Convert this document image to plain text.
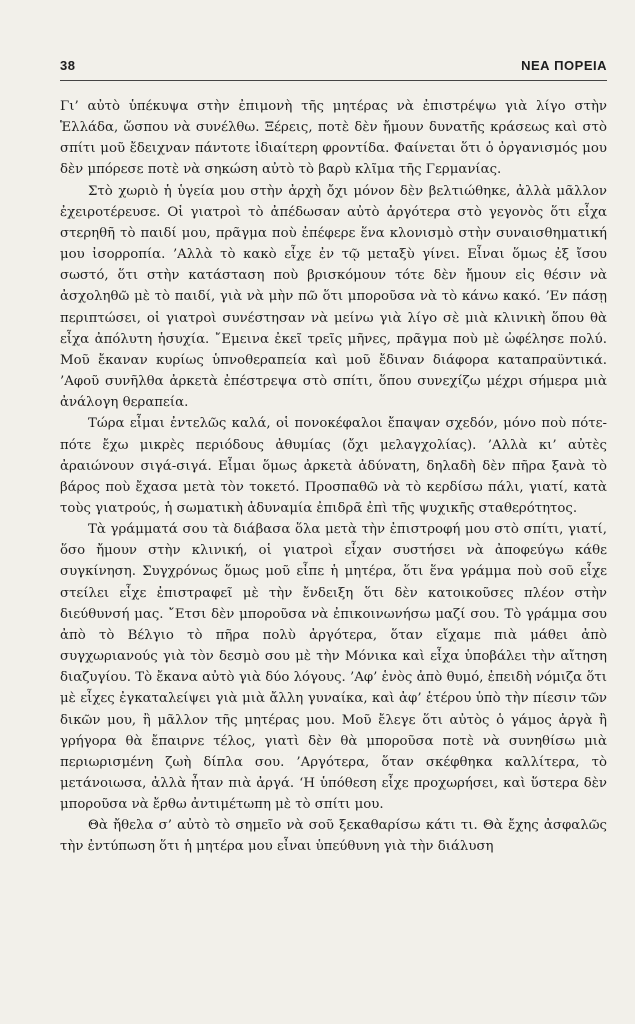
38	ΝΕΑ ΠΟΡΕΙΑ

Γι’ αὐτὸ ὑπέκυψα στὴν ἐπιμονὴ τῆς μητέρας νὰ ἐπιστρέψω γιὰ λίγο στὴν Ἑλλάδα, ὥσπου νὰ συνέλθω. Ξέρεις, ποτὲ δὲν ἤμουν δυνατῆς κράσεως καὶ στὸ σπίτι μοῦ ἔδειχναν πάντοτε ἰδιαίτερη φροντίδα. Φαίνεται ὅτι ὁ ὀργανισμός μου δὲν μπόρεσε ποτὲ νὰ σηκώση αὐτὸ τὸ βαρὺ κλῖμα τῆς Γερμανίας.

Στὸ χωριὸ ἡ ὑγεία μου στὴν ἀρχὴ ὄχι μόνον δὲν βελτιώθηκε, ἀλλὰ μᾶλλον ἐχειροτέρευσε. Οἱ γιατροὶ τὸ ἀπέδωσαν αὐτὸ ἀργότερα στὸ γεγονὸς ὅτι εἶχα στερηθῆ τὸ παιδί μου, πρᾶγμα ποὺ ἐπέφερε ἕνα κλονισμὸ στὴν συναισθηματική μου ἰσορροπία. ’Αλλὰ τὸ κακὸ εἶχε ἐν τῷ μεταξὺ γίνει. Εἶναι ὅμως ἐξ ἴσου σωστό, ὅτι στὴν κατάσταση ποὺ βρισκόμουν τότε δὲν ἤμουν εἰς θέσιν νὰ ἀσχοληθῶ μὲ τὸ παιδί, γιὰ νὰ μὴν πῶ ὅτι μποροῦσα νὰ τὸ κάνω κακό. ’Εν πάσῃ περιπτώσει, οἱ γιατροὶ συνέστησαν νὰ μείνω γιὰ λίγο σὲ μιὰ κλινικὴ ὅπου θὰ εἶχα ἀπόλυτη ἡσυχία. ῎Εμεινα ἐκεῖ τρεῖς μῆνες, πρᾶγμα ποὺ μὲ ὠφέλησε πολύ. Μοῦ ἔκαναν κυρίως ὑπνοθεραπεία καὶ μοῦ ἔδιναν διάφορα καταπραϋντικά. ’Αφοῦ συνῆλθα ἀρκετὰ ἐπέστρεψα στὸ σπίτι, ὅπου συνεχίζω μέχρι σήμερα μιὰ ἀνάλογη θεραπεία.

Τώρα εἶμαι ἐντελῶς καλά, οἱ πονοκέφαλοι ἔπαψαν σχεδόν, μόνο ποὺ πότε-πότε ἔχω μικρὲς περιόδους ἀθυμίας (ὄχι μελαγχολίας). ’Αλλὰ κι’ αὐτὲς ἀραιώνουν σιγά-σιγά. Εἶμαι ὅμως ἀρκετὰ ἀδύνατη, δηλαδὴ δὲν πῆρα ξανὰ τὸ βάρος ποὺ ἔχασα μετὰ τὸν τοκετό. Προσπαθῶ νὰ τὸ κερδίσω πάλι, γιατί, κατὰ τοὺς γιατρούς, ἡ σωματικὴ ἀδυναμία ἐπιδρᾶ ἐπὶ τῆς ψυχικῆς σταθερότητος.

Τὰ γράμματά σου τὰ διάβασα ὅλα μετὰ τὴν ἐπιστροφή μου στὸ σπίτι, γιατί, ὅσο ἤμουν στὴν κλινική, οἱ γιατροὶ εἶχαν συστήσει νὰ ἀποφεύγω κάθε συγκίνηση. Συγχρόνως ὅμως μοῦ εἶπε ἡ μητέρα, ὅτι ἕνα γράμμα ποὺ σοῦ εἶχε στείλει εἶχε ἐπιστραφεῖ μὲ τὴν ἔνδειξη ὅτι δὲν κατοικοῦσες πλέον στὴν διεύθυνσή μας. ῎Ετσι δὲν μποροῦσα νὰ ἐπικοινωνήσω μαζί σου. Τὸ γράμμα σου ἀπὸ τὸ Βέλγιο τὸ πῆρα πολὺ ἀργότερα, ὅταν εἴχαμε πιὰ μάθει ἀπὸ συγχωριανούς γιὰ τὸν δεσμὸ σου μὲ τὴν Μόνικα καὶ εἶχα ὑποβάλει τὴν αἴτηση διαζυγίου. Τὸ ἔκανα αὐτὸ γιὰ δύο λόγους. ’Αφ’ ἑνὸς ἀπὸ θυμό, ἐπειδὴ νόμιζα ὅτι μὲ εἶχες ἐγκαταλείψει γιὰ μιὰ ἄλλη γυναίκα, καὶ ἀφ’ ἑτέρου ὑπὸ τὴν πίεσιν τῶν δικῶν μου, ἢ μᾶλλον τῆς μητέρας μου. Μοῦ ἔλεγε ὅτι αὐτὸς ὁ γάμος ἀργὰ ἢ γρήγορα θὰ ἔπαιρνε τέλος, γιατὶ δὲν θὰ μποροῦσα ποτὲ νὰ συνηθίσω μιὰ περιωρισμένη ζωὴ δίπλα σου. ’Αργότερα, ὅταν σκέφθηκα καλλίτερα, τὸ μετάνοιωσα, ἀλλὰ ἦταν πιὰ ἀργά. ‘Η ὑπόθεση εἶχε προχωρήσει, καὶ ὕστερα δὲν μποροῦσα νὰ ἔρθω ἀντιμέτωπη μὲ τὸ σπίτι μου.

Θὰ ἤθελα σ’ αὐτὸ τὸ σημεῖο νὰ σοῦ ξεκαθαρίσω κάτι τι. Θὰ ἔχης ἀσφαλῶς τὴν ἐντύπωση ὅτι ἡ μητέρα μου εἶναι ὑπεύθυνη γιὰ τὴν διάλυση
